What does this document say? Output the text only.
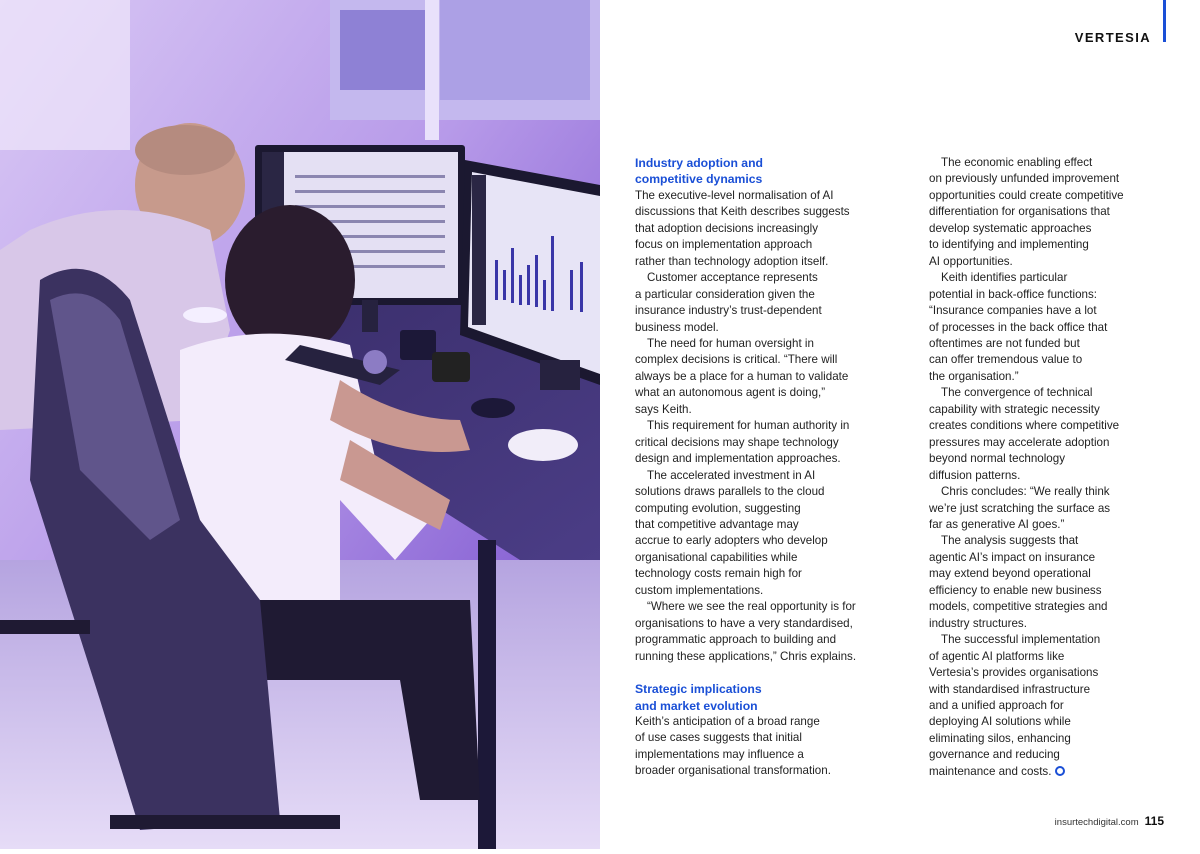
VERTESIA
Industry adoption and
competitive dynamics

The executive-level normalisation of AI
discussions that Keith describes suggests
that adoption decisions increasingly
focus on implementation approach
rather than technology adoption itself.

Customer acceptance represents
a particular consideration given the
insurance industry’s trust-dependent
business model.

The need for human oversight in
complex decisions is critical. “There will
always be a place for a human to validate
what an autonomous agent is doing,”
says Keith.

This requirement for human authority in
critical decisions may shape technology
design and implementation approaches.

The accelerated investment in AI
solutions draws parallels to the cloud
computing evolution, suggesting
that competitive advantage may
accrue to early adopters who develop
organisational capabilities while
technology costs remain high for
custom implementations.

“Where we see the real opportunity is for
organisations to have a very standardised,
programmatic approach to building and
running these applications,” Chris explains.

Strategic implications
and market evolution

Keith’s anticipation of a broad range
of use cases suggests that initial
implementations may influence a
broader organisational transformation.

The economic enabling effect
on previously unfunded improvement
opportunities could create competitive
differentiation for organisations that
develop systematic approaches
to identifying and implementing
AI opportunities.

Keith identifies particular
potential in back-office functions:
“Insurance companies have a lot
of processes in the back office that
oftentimes are not funded but
can offer tremendous value to
the organisation.”

The convergence of technical
capability with strategic necessity
creates conditions where competitive
pressures may accelerate adoption
beyond normal technology
diffusion patterns.

Chris concludes: “We really think
we’re just scratching the surface as
far as generative AI goes.”

The analysis suggests that
agentic AI’s impact on insurance
may extend beyond operational
efficiency to enable new business
models, competitive strategies and
industry structures.

The successful implementation
of agentic AI platforms like
Vertesia’s provides organisations
with standardised infrastructure
and a unified approach for
deploying AI solutions while
eliminating silos, enhancing
governance and reducing
maintenance and costs.

insurtechdigital.com 115
